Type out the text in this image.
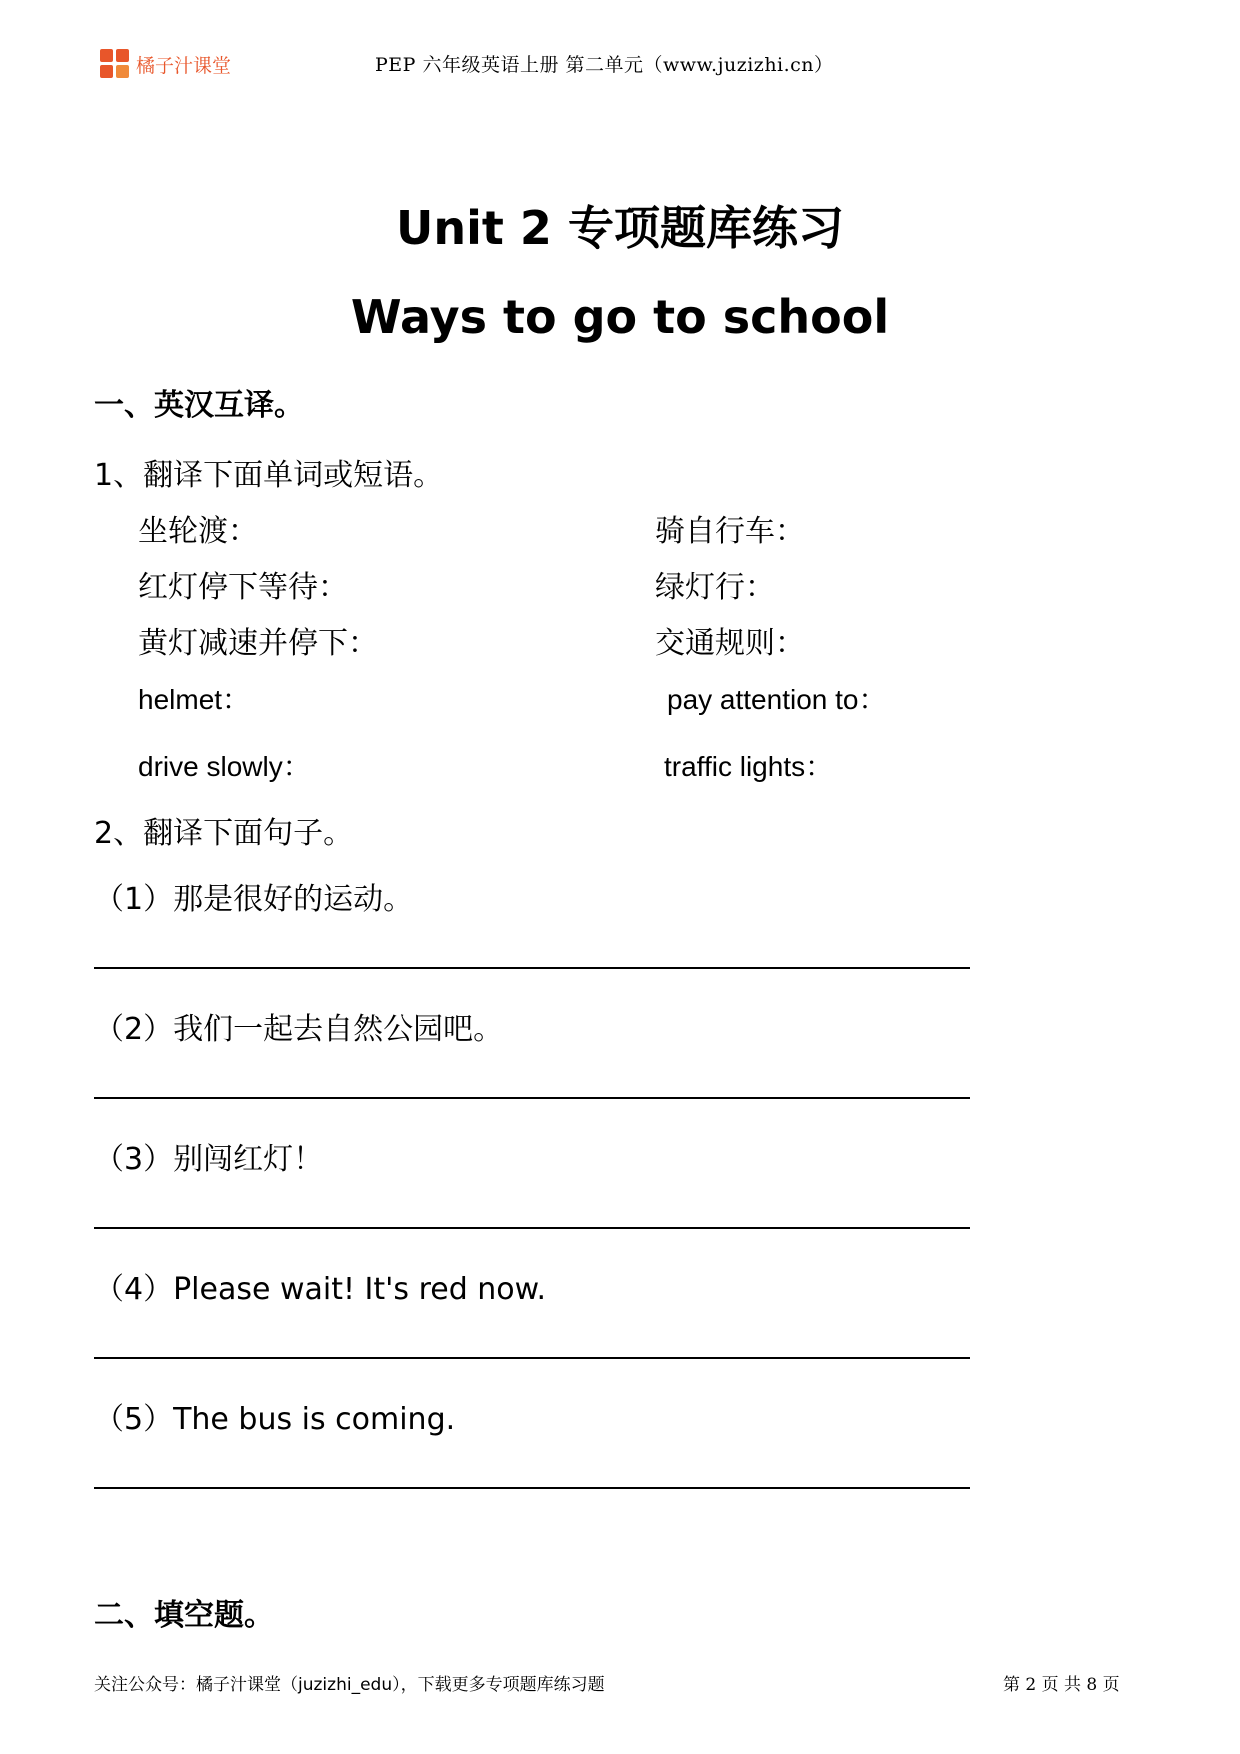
橘子汁课堂	PEP 六年级英语上册 第二单元（www.juzizhi.cn）
Unit 2 专项题库练习
Ways to go to school
一、英汉互译。
1、翻译下面单词或短语。
坐轮渡：
红灯停下等待：
黄灯减速并停下：
helmet：
drive slowly：
骑自行车：
绿灯行：
交通规则：
pay attention to：
traffic lights：
2、翻译下面句子。
（1）那是很好的运动。
（2）我们一起去自然公园吧。
（3）别闯红灯！
（4）Please wait! It's red now.
（5）The bus is coming.
二、填空题。
关注公众号：橘子汁课堂（juzizhi_edu），下载更多专项题库练习题	第 2 页 共 8 页
